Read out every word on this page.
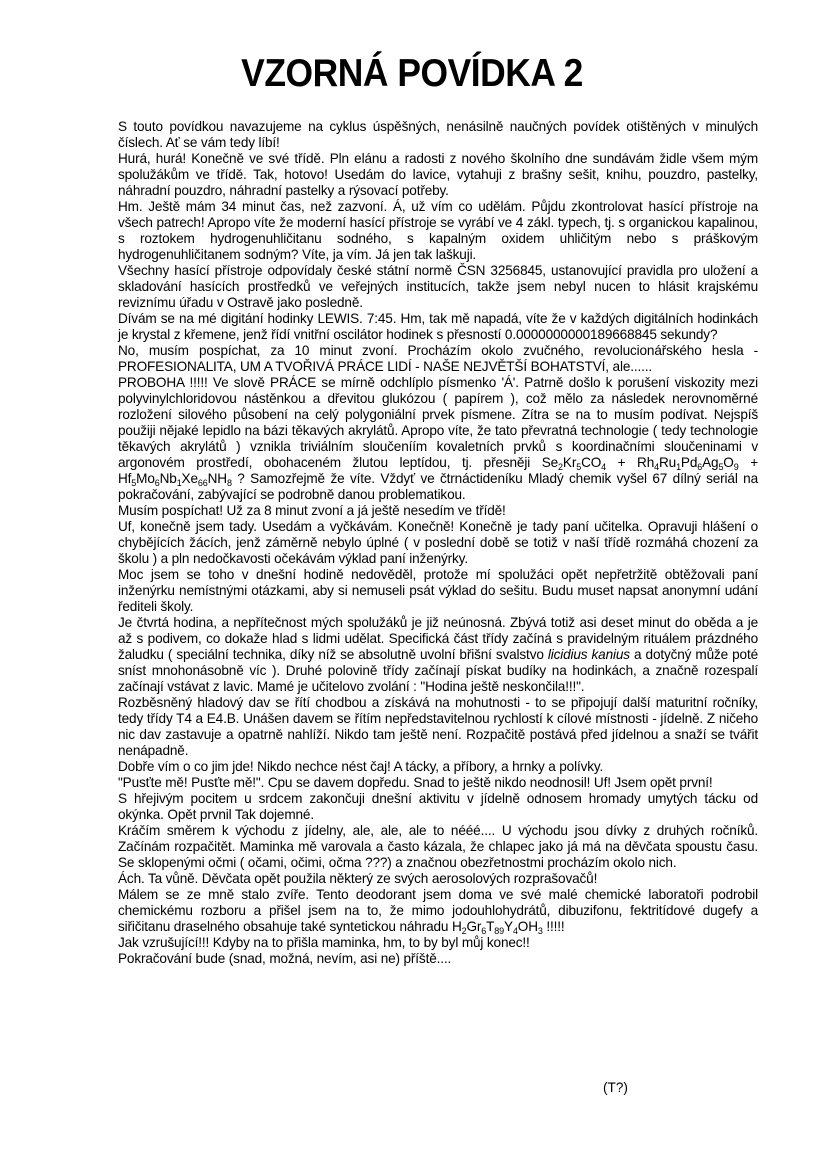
VZORNÁ POVÍDKA 2

S touto povídkou navazujeme na cyklus úspěšných, nenásilně naučných povídek otištěných v minulých číslech. Ať se vám tedy líbí!

Hurá, hurá! Konečně ve své třídě. Pln elánu a radosti z nového školního dne sundávám židle všem mým spolužákům ve třídě. Tak, hotovo! Usedám do lavice, vytahuji z brašny sešit, knihu, pouzdro, pastelky, náhradní pouzdro, náhradní pastelky a rýsovací potřeby.

Hm. Ještě mám 34 minut čas, než zazvoní. Á, už vím co udělám. Půjdu zkontrolovat hasící přístroje na všech patrech! Apropo víte že moderní hasící přístroje se vyrábí ve 4 zákl. typech, tj. s organickou kapalinou, s roztokem hydrogenuhličitanu sodného, s kapalným oxidem uhličitým nebo s práškovým hydrogenuhličitanem sodným? Víte, ja vím. Já jen tak laškuji.

Všechny hasící přístroje odpovídaly české státní normě ČSN 3256845, ustanovující pravidla pro uložení a skladování hasících prostředků ve veřejných institucích, takže jsem nebyl nucen to hlásit krajskému reviznímu úřadu v Ostravě jako posledně.

Dívám se na mé digitání hodinky LEWIS. 7:45. Hm, tak mě napadá, víte že v každých digitálních hodinkách je krystal z křemene, jenž řídí vnitřní oscilátor hodinek s přesností 0.0000000000189668845 sekundy?

No, musím pospíchat, za 10 minut zvoní. Procházím okolo zvučného, revolucionářského hesla - PROFESIONALITA, UM A TVOŘIVÁ PRÁCE LIDÍ - NAŠE NEJVĚTŠÍ BOHATSTVÍ, ale......

PROBOHA !!!!! Ve slově PRÁCE se mírně odchlíplo písmenko 'Á'. Patrně došlo k porušení viskozity mezi polyvinylchloridovou nástěnkou a dřevitou glukózou ( papírem ), což mělo za následek nerovnoměrné rozložení silového působení na celý polygoniální prvek písmene. Zítra se na to musím podívat. Nejspíš použiji nějaké lepidlo na bázi těkavých akrylátů. Apropo víte, že tato převratná technologie ( tedy technologie těkavých akrylátů ) vznikla triviálním sloučeníím kovaletních prvků s koordinačními sloučeninami v argonovém prostředí, obohaceném žlutou leptídou, tj. přesněji $Se_2Kr_5CO_4 + Rh_4Ru_1Pd_6Ag_5O_9 + Hf_5Mo_6Nb_1Xe_{66}NH_8$ ? Samozřejmě že víte. Vždyť ve čtrnáctideníku Mladý chemik vyšel 67 dílný seriál na pokračování, zabývající se podrobně danou problematikou.

Musím pospíchat! Už za 8 minut zvoní a já ještě nesedím ve třídě!

Uf, konečně jsem tady. Usedám a vyčkávám. Konečně! Konečně je tady paní učitelka. Opravuji hlášení o chybějících žácích, jenž záměrně nebylo úplné ( v poslední době se totiž v naší třídě rozmáhá chození za školu ) a pln nedočkavosti očekávám výklad paní inženýrky.

Moc jsem se toho v dnešní hodině nedověděl, protože mí spolužáci opět nepřetržitě obtěžovali paní inženýrku nemístnými otázkami, aby si nemuseli psát výklad do sešitu. Budu muset napsat anonymní udání řediteli školy.

Je čtvrtá hodina, a nepřítečnost mých spolužáků je již neúnosná. Zbývá totiž asi deset minut do oběda a je až s podivem, co dokaže hlad s lidmi udělat. Specifická část třídy začíná s pravidelným rituálem prázdného žaludku ( speciální technika, díky níž se absolutně uvolní břišní svalstvo licidius kanius a dotyčný může poté sníst mnohonásobně víc ). Druhé polovině třídy začínají pískat budíky na hodinkách, a značně rozespalí začínají vstávat z lavic. Mamé je učitelovo zvolání : "Hodina ještě neskončila!!!".

Rozběsněný hladový dav se řítí chodbou a získává na mohutnosti - to se připojují další maturitní ročníky, tedy třídy T4 a E4.B. Unášen davem se řítím nepředstavitelnou rychlostí k cílové místnosti - jídelně. Z ničeho nic dav zastavuje a opatrně nahlíží. Nikdo tam ještě není. Rozpačitě postává před jídelnou a snaží se tvářit nenápadně.

Dobře vím o co jim jde! Nikdo nechce nést čaj! A tácky, a příbory, a hrnky a polívky.

"Pusťte mě! Pusťte mě!". Cpu se davem dopředu. Snad to ještě nikdo neodnosil! Uf! Jsem opět první!

S hřejivým pocitem u srdcem zakončuji dnešní aktivitu v jídelně odnosem hromady umytých tácku od okýnka. Opět prvnil Tak dojemné.

Kráčím směrem k východu z jídelny, ale, ale, ale to nééé.... U východu jsou dívky z druhých ročníků. Začínám rozpačitět. Maminka mě varovala a často kázala, že chlapec jako já má na děvčata spoustu času. Se sklopenými očmi ( očami, očimi, očma ???) a značnou obezřetnostmi procházím okolo nich.

Ách. Ta vůně. Děvčata opět použila některý ze svých aerosolových rozprašovačů!

Málem se ze mně stalo zvíře. Tento deodorant jsem doma ve své malé chemické laboratoři podrobil chemickému rozboru a přišel jsem na to, že mimo jodouhlohydrátů, dibuzifonu, fektritídové dugefy a siřičitanu draselného obsahuje také syntetickou náhradu $H_2Gr_6T_{89}Y_4OH_3$ !!!!!

Jak vzrušující!!! Kdyby na to přišla maminka, hm, to by byl můj konec!!

Pokračování bude (snad, možná, nevím, asi ne) příště....

(T?)
